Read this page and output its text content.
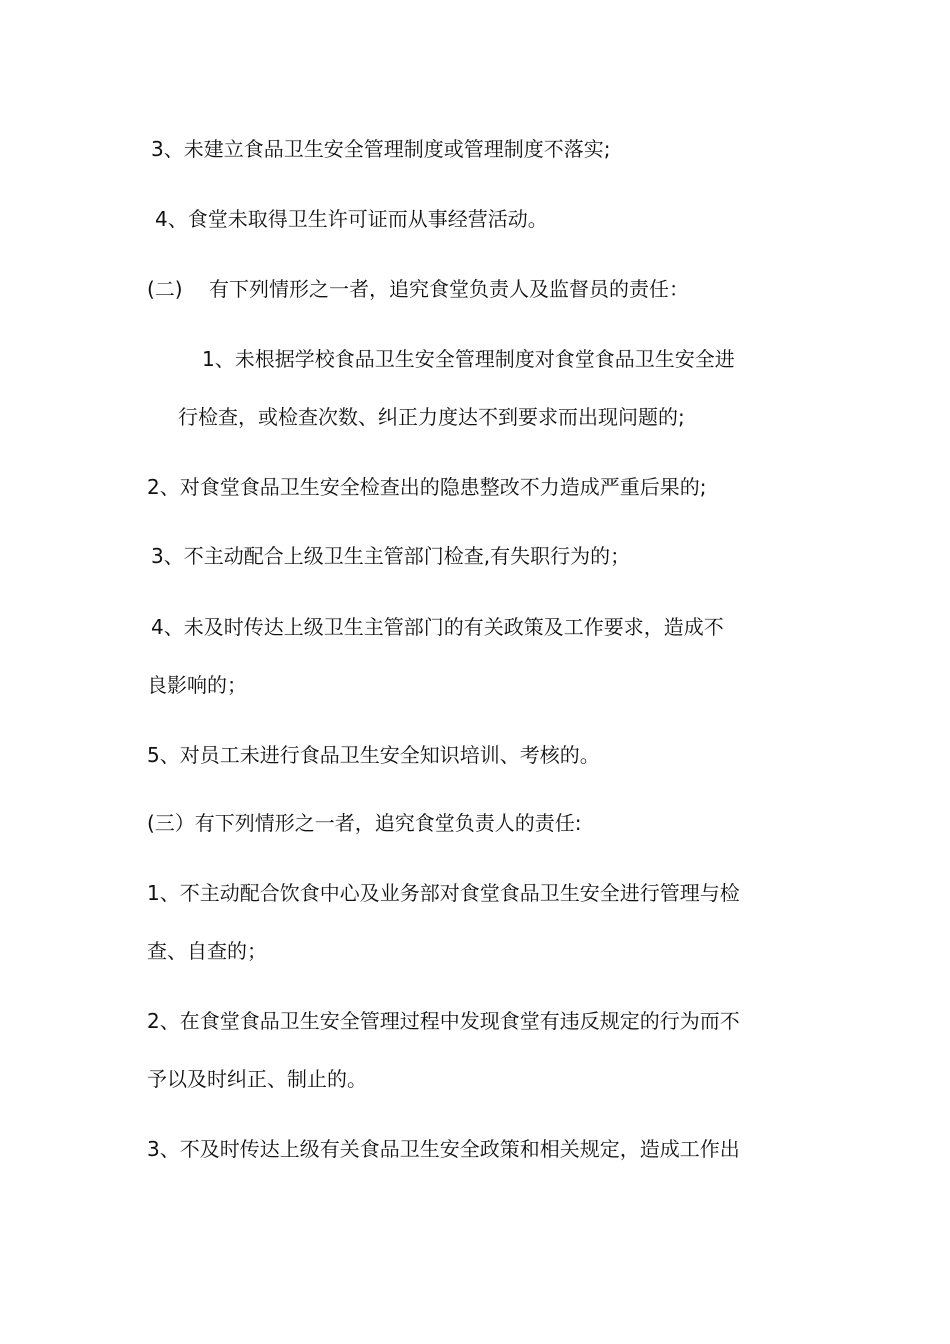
3、未建立食品卫生安全管理制度或管理制度不落实;

4、食堂未取得卫生许可证而从事经营活动。

(二)　 有下列情形之一者，追究食堂负责人及监督员的责任：

1、未根据学校食品卫生安全管理制度对食堂食品卫生安全进

行检查，或检查次数、纠正力度达不到要求而出现问题的;

2、对食堂食品卫生安全检查出的隐患整改不力造成严重后果的;

3、不主动配合上级卫生主管部门检查,有失职行为的；

4、未及时传达上级卫生主管部门的有关政策及工作要求，造成不

良影响的；

5、对员工未进行食品卫生安全知识培训、考核的。

(三）有下列情形之一者，追究食堂负责人的责任:

1、不主动配合饮食中心及业务部对食堂食品卫生安全进行管理与检

查、自查的；

2、在食堂食品卫生安全管理过程中发现食堂有违反规定的行为而不

予以及时纠正、制止的。

3、不及时传达上级有关食品卫生安全政策和相关规定，造成工作出
